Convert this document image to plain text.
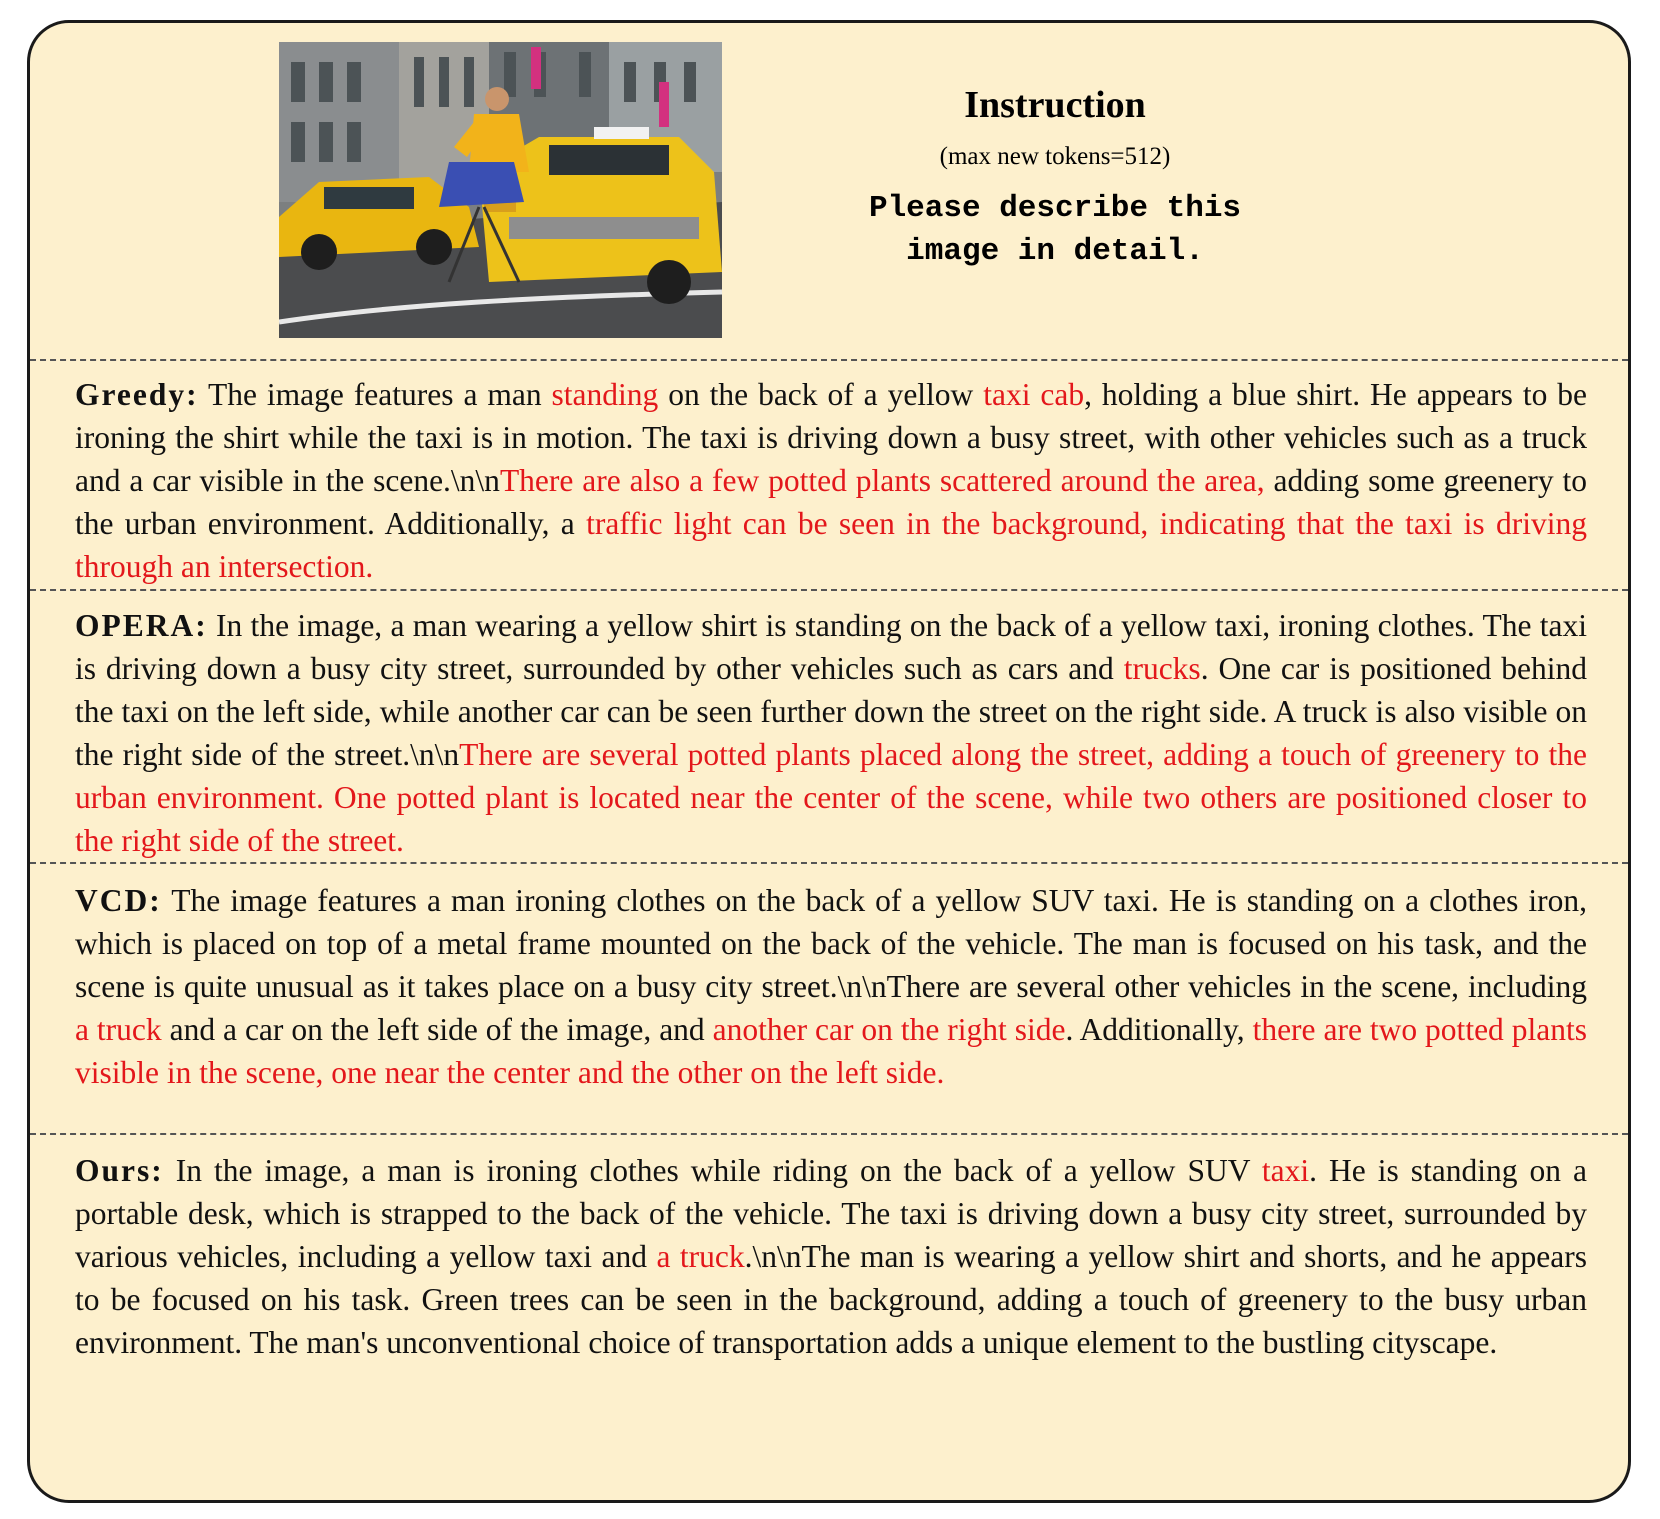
Instruction
(max new tokens=512)
Please describe this
image in detail.
Greedy: The image features a man standing on the back of a yellow taxi cab, holding a blue shirt. He appears to be ironing the shirt while the taxi is in motion. The taxi is driving down a busy street, with other vehicles such as a truck and a car visible in the scene.\n\nThere are also a few potted plants scattered around the area, adding some greenery to the urban environment. Additionally, a traffic light can be seen in the background, indicating that the taxi is driving through an intersection.
OPERA: In the image, a man wearing a yellow shirt is standing on the back of a yellow taxi, ironing clothes. The taxi is driving down a busy city street, surrounded by other vehicles such as cars and trucks. One car is positioned behind the taxi on the left side, while another car can be seen further down the street on the right side. A truck is also visible on the right side of the street.\n\nThere are several potted plants placed along the street, adding a touch of greenery to the urban environment. One potted plant is located near the center of the scene, while two others are positioned closer to the right side of the street.
VCD: The image features a man ironing clothes on the back of a yellow SUV taxi. He is standing on a clothes iron, which is placed on top of a metal frame mounted on the back of the vehicle. The man is focused on his task, and the scene is quite unusual as it takes place on a busy city street.\n\nThere are several other vehicles in the scene, including a truck and a car on the left side of the image, and another car on the right side. Additionally, there are two potted plants visible in the scene, one near the center and the other on the left side.
Ours: In the image, a man is ironing clothes while riding on the back of a yellow SUV taxi. He is standing on a portable desk, which is strapped to the back of the vehicle. The taxi is driving down a busy city street, surrounded by various vehicles, including a yellow taxi and a truck.\n\nThe man is wearing a yellow shirt and shorts, and he appears to be focused on his task. Green trees can be seen in the background, adding a touch of greenery to the busy urban environment. The man's unconventional choice of transportation adds a unique element to the bustling cityscape.
